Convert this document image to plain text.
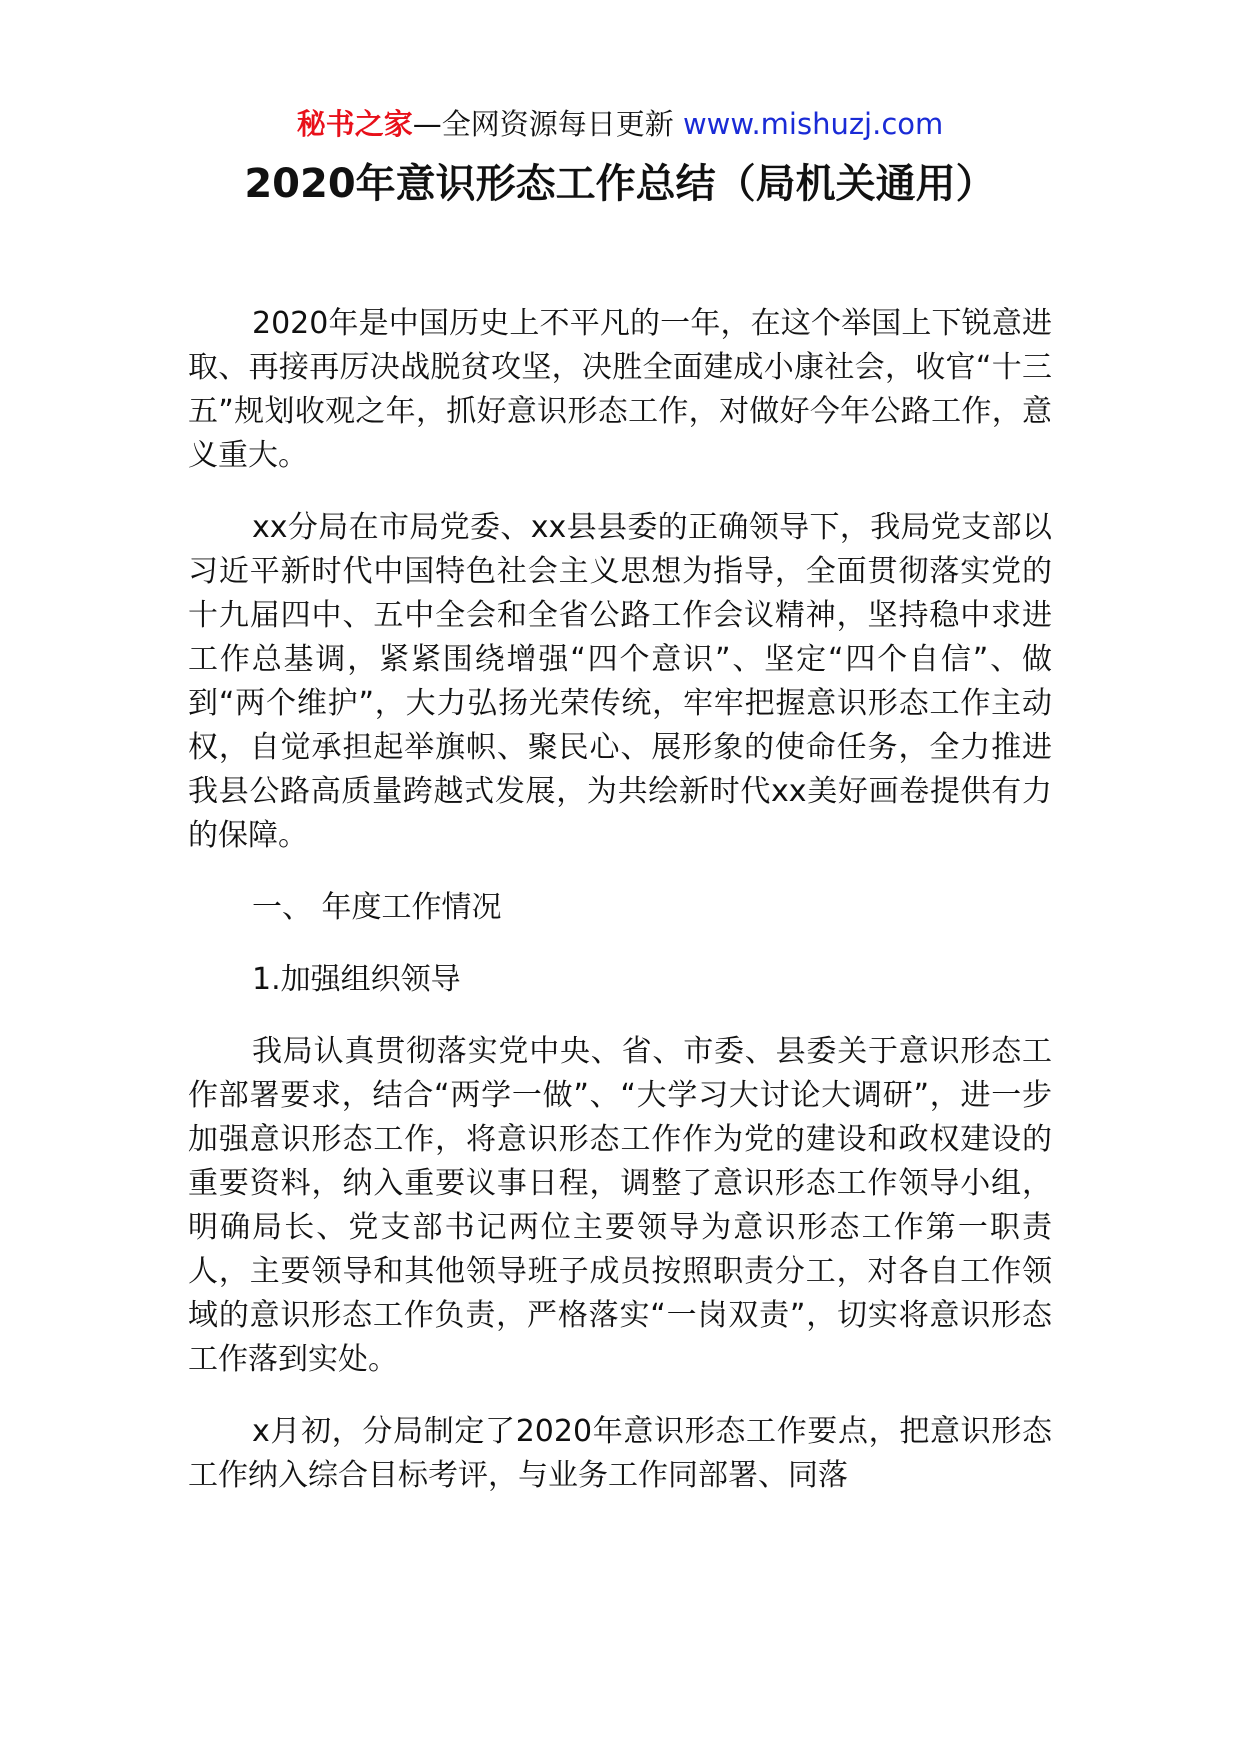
秘书之家—全网资源每日更新 www.mishuzj.com
2020年意识形态工作总结（局机关通用）

2020年是中国历史上不平凡的一年，在这个举国上下锐意进取、再接再厉决战脱贫攻坚，决胜全面建成小康社会，收官“十三五”规划收观之年，抓好意识形态工作，对做好今年公路工作，意义重大。

xx分局在市局党委、xx县县委的正确领导下，我局党支部以习近平新时代中国特色社会主义思想为指导，全面贯彻落实党的十九届四中、五中全会和全省公路工作会议精神，坚持稳中求进工作总基调，紧紧围绕增强“四个意识”、坚定“四个自信”、做到“两个维护”，大力弘扬光荣传统，牢牢把握意识形态工作主动权，自觉承担起举旗帜、聚民心、展形象的使命任务，全力推进我县公路高质量跨越式发展，为共绘新时代xx美好画卷提供有力的保障。

一、 年度工作情况

1.加强组织领导

我局认真贯彻落实党中央、省、市委、县委关于意识形态工作部署要求，结合“两学一做”、“大学习大讨论大调研”，进一步加强意识形态工作，将意识形态工作作为党的建设和政权建设的重要资料，纳入重要议事日程，调整了意识形态工作领导小组，明确局长、党支部书记两位主要领导为意识形态工作第一职责人，主要领导和其他领导班子成员按照职责分工，对各自工作领域的意识形态工作负责，严格落实“一岗双责”，切实将意识形态工作落到实处。

x月初，分局制定了2020年意识形态工作要点，把意识形态工作纳入综合目标考评，与业务工作同部署、同落
